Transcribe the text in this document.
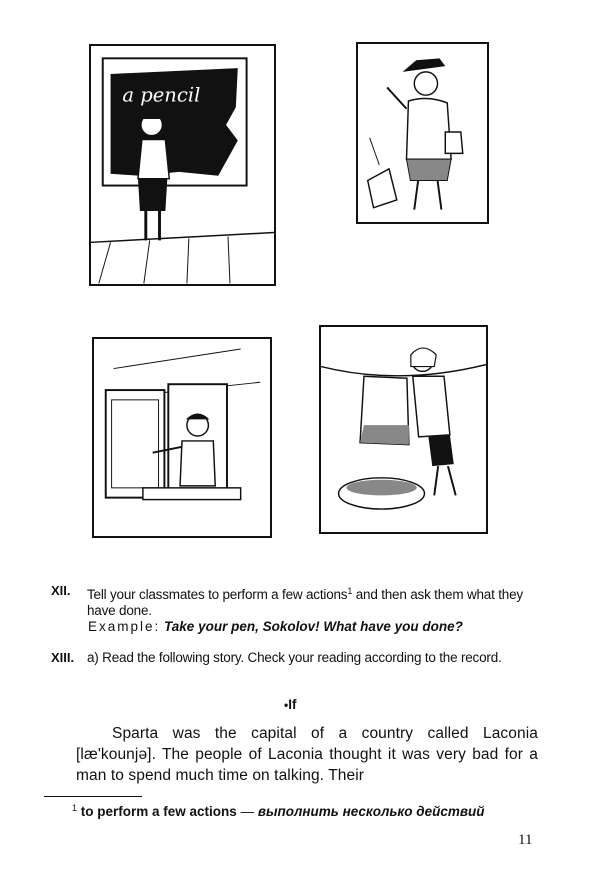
a pencil
XII. Tell your classmates to perform a few actions$^1$ and then ask them what they have done.
Example: Take your pen, Sokolov! What have you done?
XIII. a) Read the following story. Check your reading according to the record.
•If
Sparta was the capital of a country called Laconia [læ'kounjə]. The people of Laconia thought it was very bad for a man to spend much time on talking. Their
$^1$ to perform a few actions — выполнить несколько действий
11
